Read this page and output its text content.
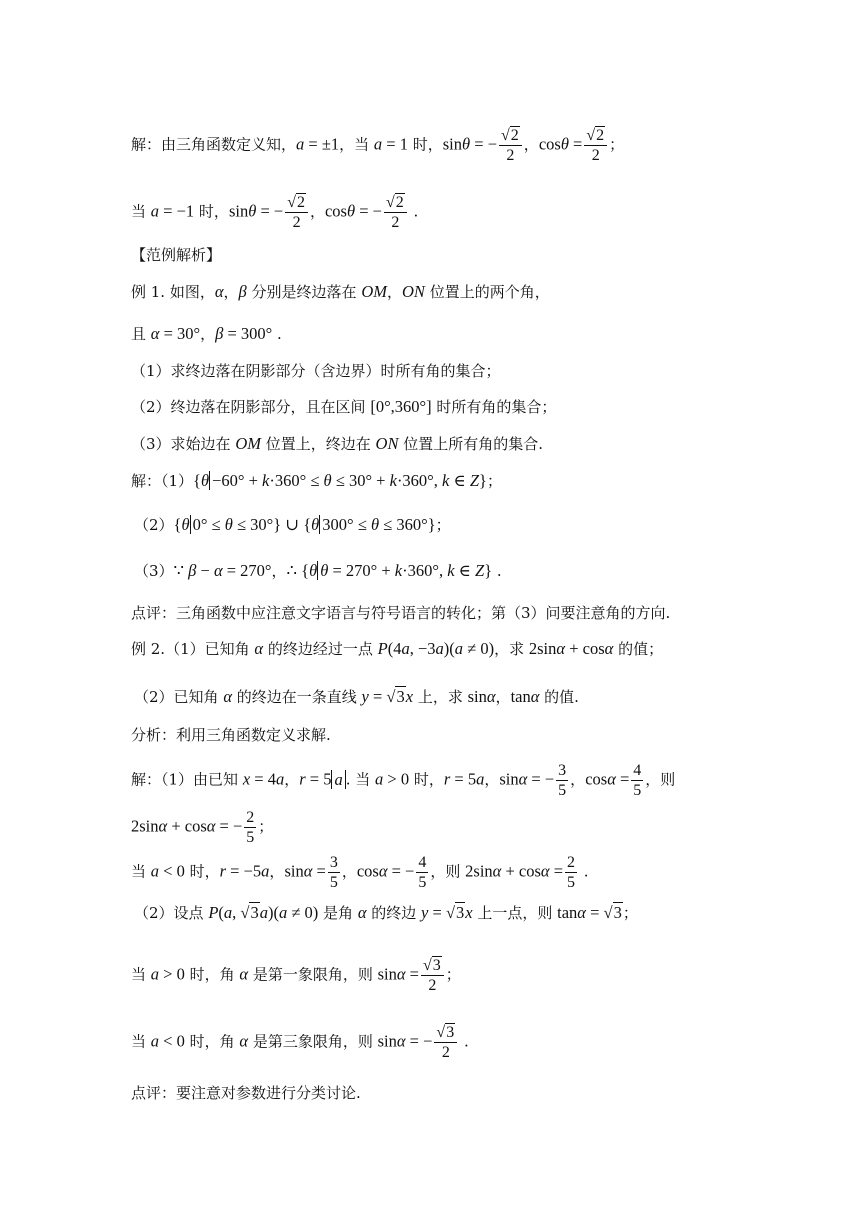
解：由三角函数定义知，a = ±1，当 a = 1 时，sinθ = − $\frac{√2}{2}$ ，$\cos\theta = \frac{√2}{2}$ ；
当 a = −1 时，sinθ = − $\frac{√2}{2}$ ，cosθ = − $\frac{√2}{2}$ .
【范例解析】
例 1. 如图，α，β 分别是终边落在 OM，ON 位置上的两个角，
且 α = 30°，β = 300° .
（1）求终边落在阴影部分（含边界）时所有角的集合；
（2）终边落在阴影部分，且在区间 [0°,360°] 时所有角的集合；
（3）求始边在 OM 位置上，终边在 ON 位置上所有角的集合.
解：（1）{θ −60° + k·360° ≤ θ ≤ 30° + k·360°, k ∈ Z}；
（2）{θ 0° ≤ θ ≤ 30°} ∪ {θ 300° ≤ θ ≤ 360°}；
（3）∵ β − α = 270°，∴ {θ θ = 270° + k·360°, k ∈ Z} .
点评：三角函数中应注意文字语言与符号语言的转化；第（3）问要注意角的方向.
例 2.（1）已知角 α 的终边经过一点 P(4a, −3a)(a ≠ 0)，求 2sinα + cosα 的值；
（2）已知角 α 的终边在一条直线 y = √3x 上，求 sinα，tanα 的值.
分析：利用三角函数定义求解.
解：（1）由已知 x = 4a，r = 5 a . 当 a > 0 时，r = 5a，sinα = − $\frac{3}{5}$ ，$\cos\alpha = \frac{4}{5}$ ，则
2sinα + cosα = − $\frac{2}{5}$ ；
当 a < 0 时，r = −5a，$\sin\alpha = \frac{3}{5}$ ，cosα = − $\frac{4}{5}$ ，则 $2\sin\alpha + \cos\alpha = \frac{2}{5}$ .
（2）设点 P(a, √3a)(a ≠ 0) 是角 α 的终边 y = √3x 上一点，则 tanα = √3；
当 a > 0 时，角 α 是第一象限角，则 $\sin\alpha = \frac{√3}{2}$ ；
当 a < 0 时，角 α 是第三象限角，则 sinα = − $\frac{√3}{2}$ .
点评：要注意对参数进行分类讨论.
